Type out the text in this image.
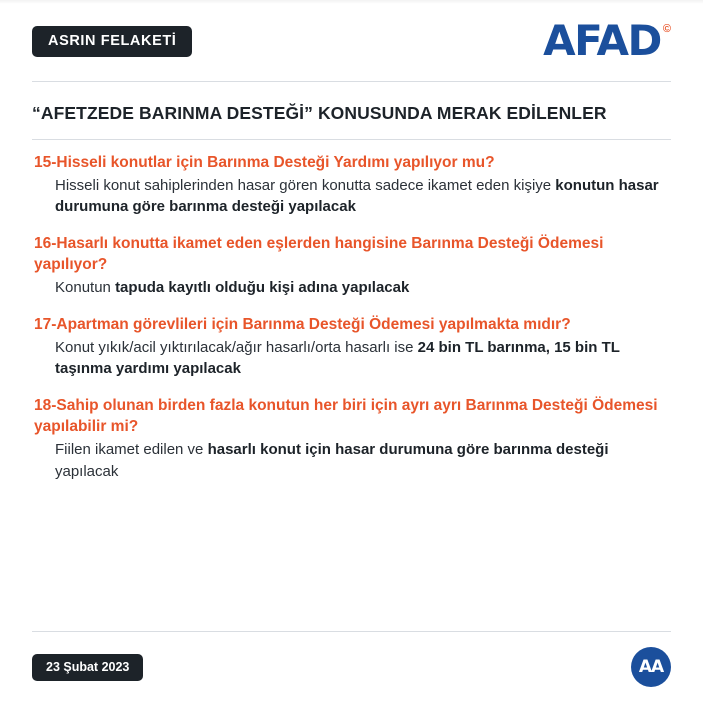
ASRIN FELAKETİ	AFAD ©
“AFETZEDE BARINMA DESTEĞİ” KONUSUNDA MERAK EDİLENLER
15-Hisseli konutlar için Barınma Desteği Yardımı yapılıyor mu?
Hisseli konut sahiplerinden hasar gören konutta sadece ikamet eden kişiye konutun hasar durumuna göre barınma desteği yapılacak
16-Hasarlı konutta ikamet eden eşlerden hangisine Barınma Desteği Ödemesi yapılıyor?
Konutun tapuda kayıtlı olduğu kişi adına yapılacak
17-Apartman görevlileri için Barınma Desteği Ödemesi yapılmakta mıdır?
Konut yıkık/acil yıktırılacak/ağır hasarlı/orta hasarlı ise 24 bin TL barınma, 15 bin TL taşınma yardımı yapılacak
18-Sahip olunan birden fazla konutun her biri için ayrı ayrı Barınma Desteği Ödemesi yapılabilir mi?
Fiilen ikamet edilen ve hasarlı konut için hasar durumuna göre barınma desteği yapılacak
23 Şubat 2023	AA
